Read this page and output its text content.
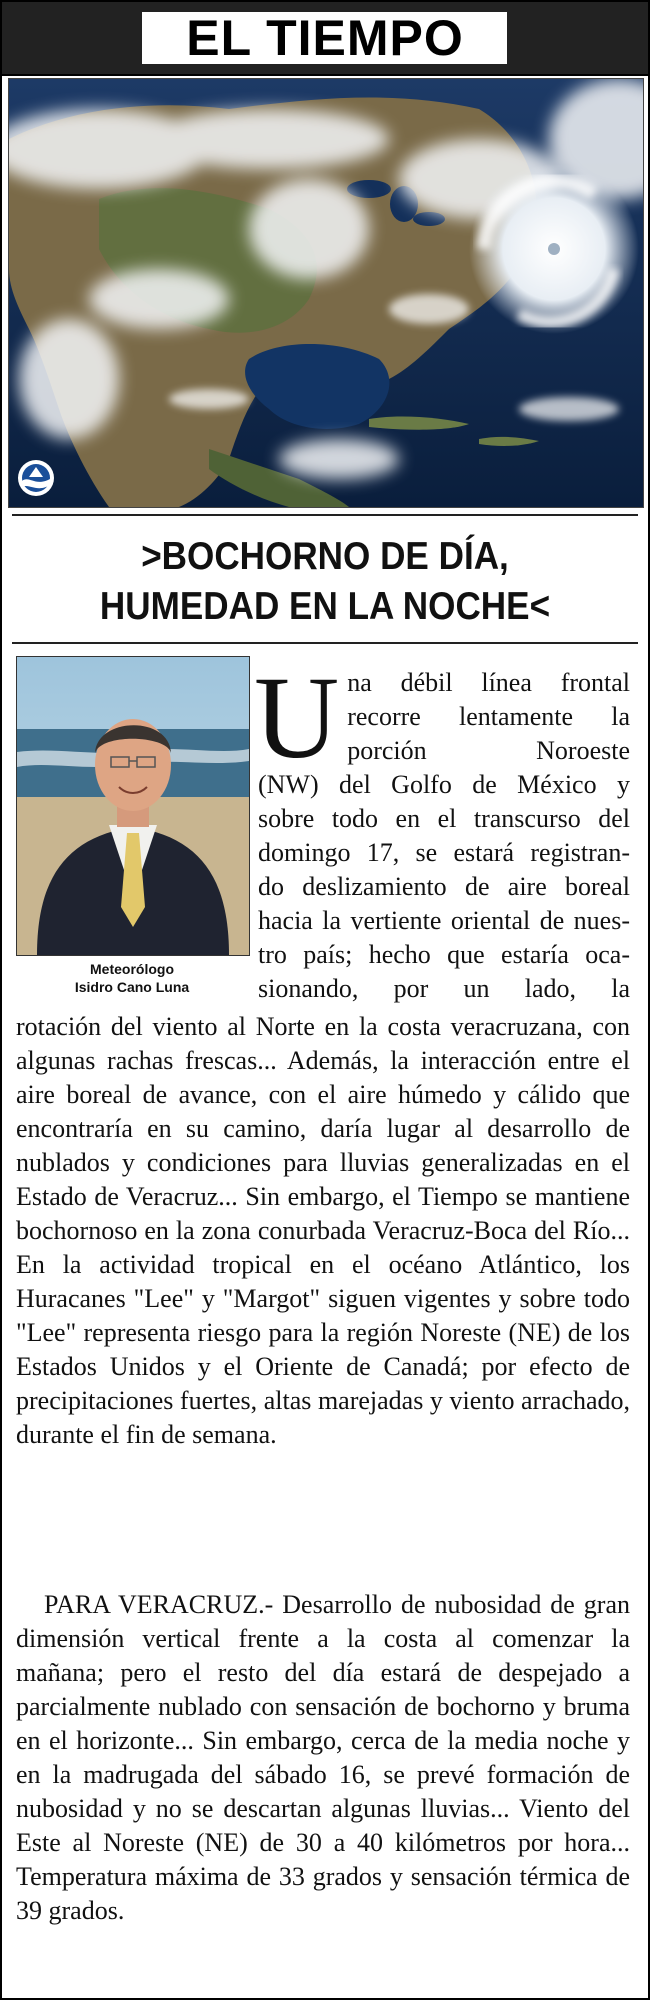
EL TIEMPO
>BOCHORNO DE DÍA,
HUMEDAD EN LA NOCHE<
Meteorólogo
Isidro Cano Luna
U na débil línea frontal
recorre lentamente la
porción Noroeste
(NW) del Golfo de México y
sobre todo en el transcurso del
domingo 17, se estará registran-
do deslizamiento de aire boreal
hacia la vertiente oriental de nues-
tro país; hecho que estaría oca-
sionando, por un lado, la

rotación del viento al Norte en la costa veracruzana, con algunas rachas frescas... Además, la interacción entre el aire boreal de avance, con el aire húmedo y cálido que encontraría en su camino, daría lugar al desarrollo de nublados y condiciones para lluvias generalizadas en el Estado de Veracruz... Sin embargo, el Tiempo se mantiene bochornoso en la zona conurbada Veracruz-Boca del Río... En la actividad tropical en el océano Atlántico, los Huracanes "Lee" y "Margot" siguen vigentes y sobre todo "Lee" representa riesgo para la región Noreste (NE) de los Estados Unidos y el Oriente de Canadá; por efecto de precipitaciones fuertes, altas marejadas y viento arrachado, durante el fin de semana.

PARA VERACRUZ.- Desarrollo de nubosidad de gran dimensión vertical frente a la costa al comenzar la mañana; pero el resto del día estará de despejado a parcialmente nublado con sensación de bochorno y bruma en el horizonte... Sin embargo, cerca de la media noche y en la madrugada del sábado 16, se prevé formación de nubosidad y no se descartan algunas lluvias... Viento del Este al Noreste (NE) de 30 a 40 kilómetros por hora... Temperatura máxima de 33 grados y sensación térmica de 39 grados.
